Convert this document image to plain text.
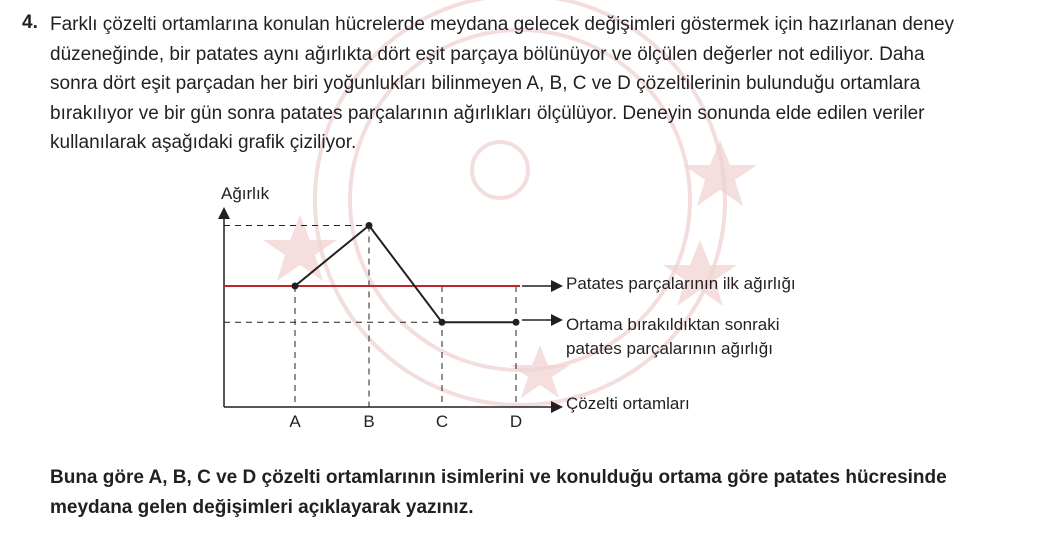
4. Farklı çözelti ortamlarına konulan hücrelerde meydana gelecek değişimleri göstermek için hazırlanan deney
düzeneğinde, bir patates aynı ağırlıkta dört eşit parçaya bölünüyor ve ölçülen değerler not ediliyor. Daha
sonra dört eşit parçadan her biri yoğunlukları bilinmeyen A, B, C ve D çözeltilerinin bulunduğu ortamlara
bırakılıyor ve bir gün sonra patates parçalarının ağırlıkları ölçülüyor. Deneyin sonunda elde edilen veriler
kullanılarak aşağıdaki grafik çiziliyor.
Ağırlık
Çözelti ortamları
A	B	C	D
Patates parçalarının ilk ağırlığı
Ortama bırakıldıktan sonraki
patates parçalarının ağırlığı
Buna göre A, B, C ve D çözelti ortamlarının isimlerini ve konulduğu ortama göre patates hücresinde
meydana gelen değişimleri açıklayarak yazınız.
